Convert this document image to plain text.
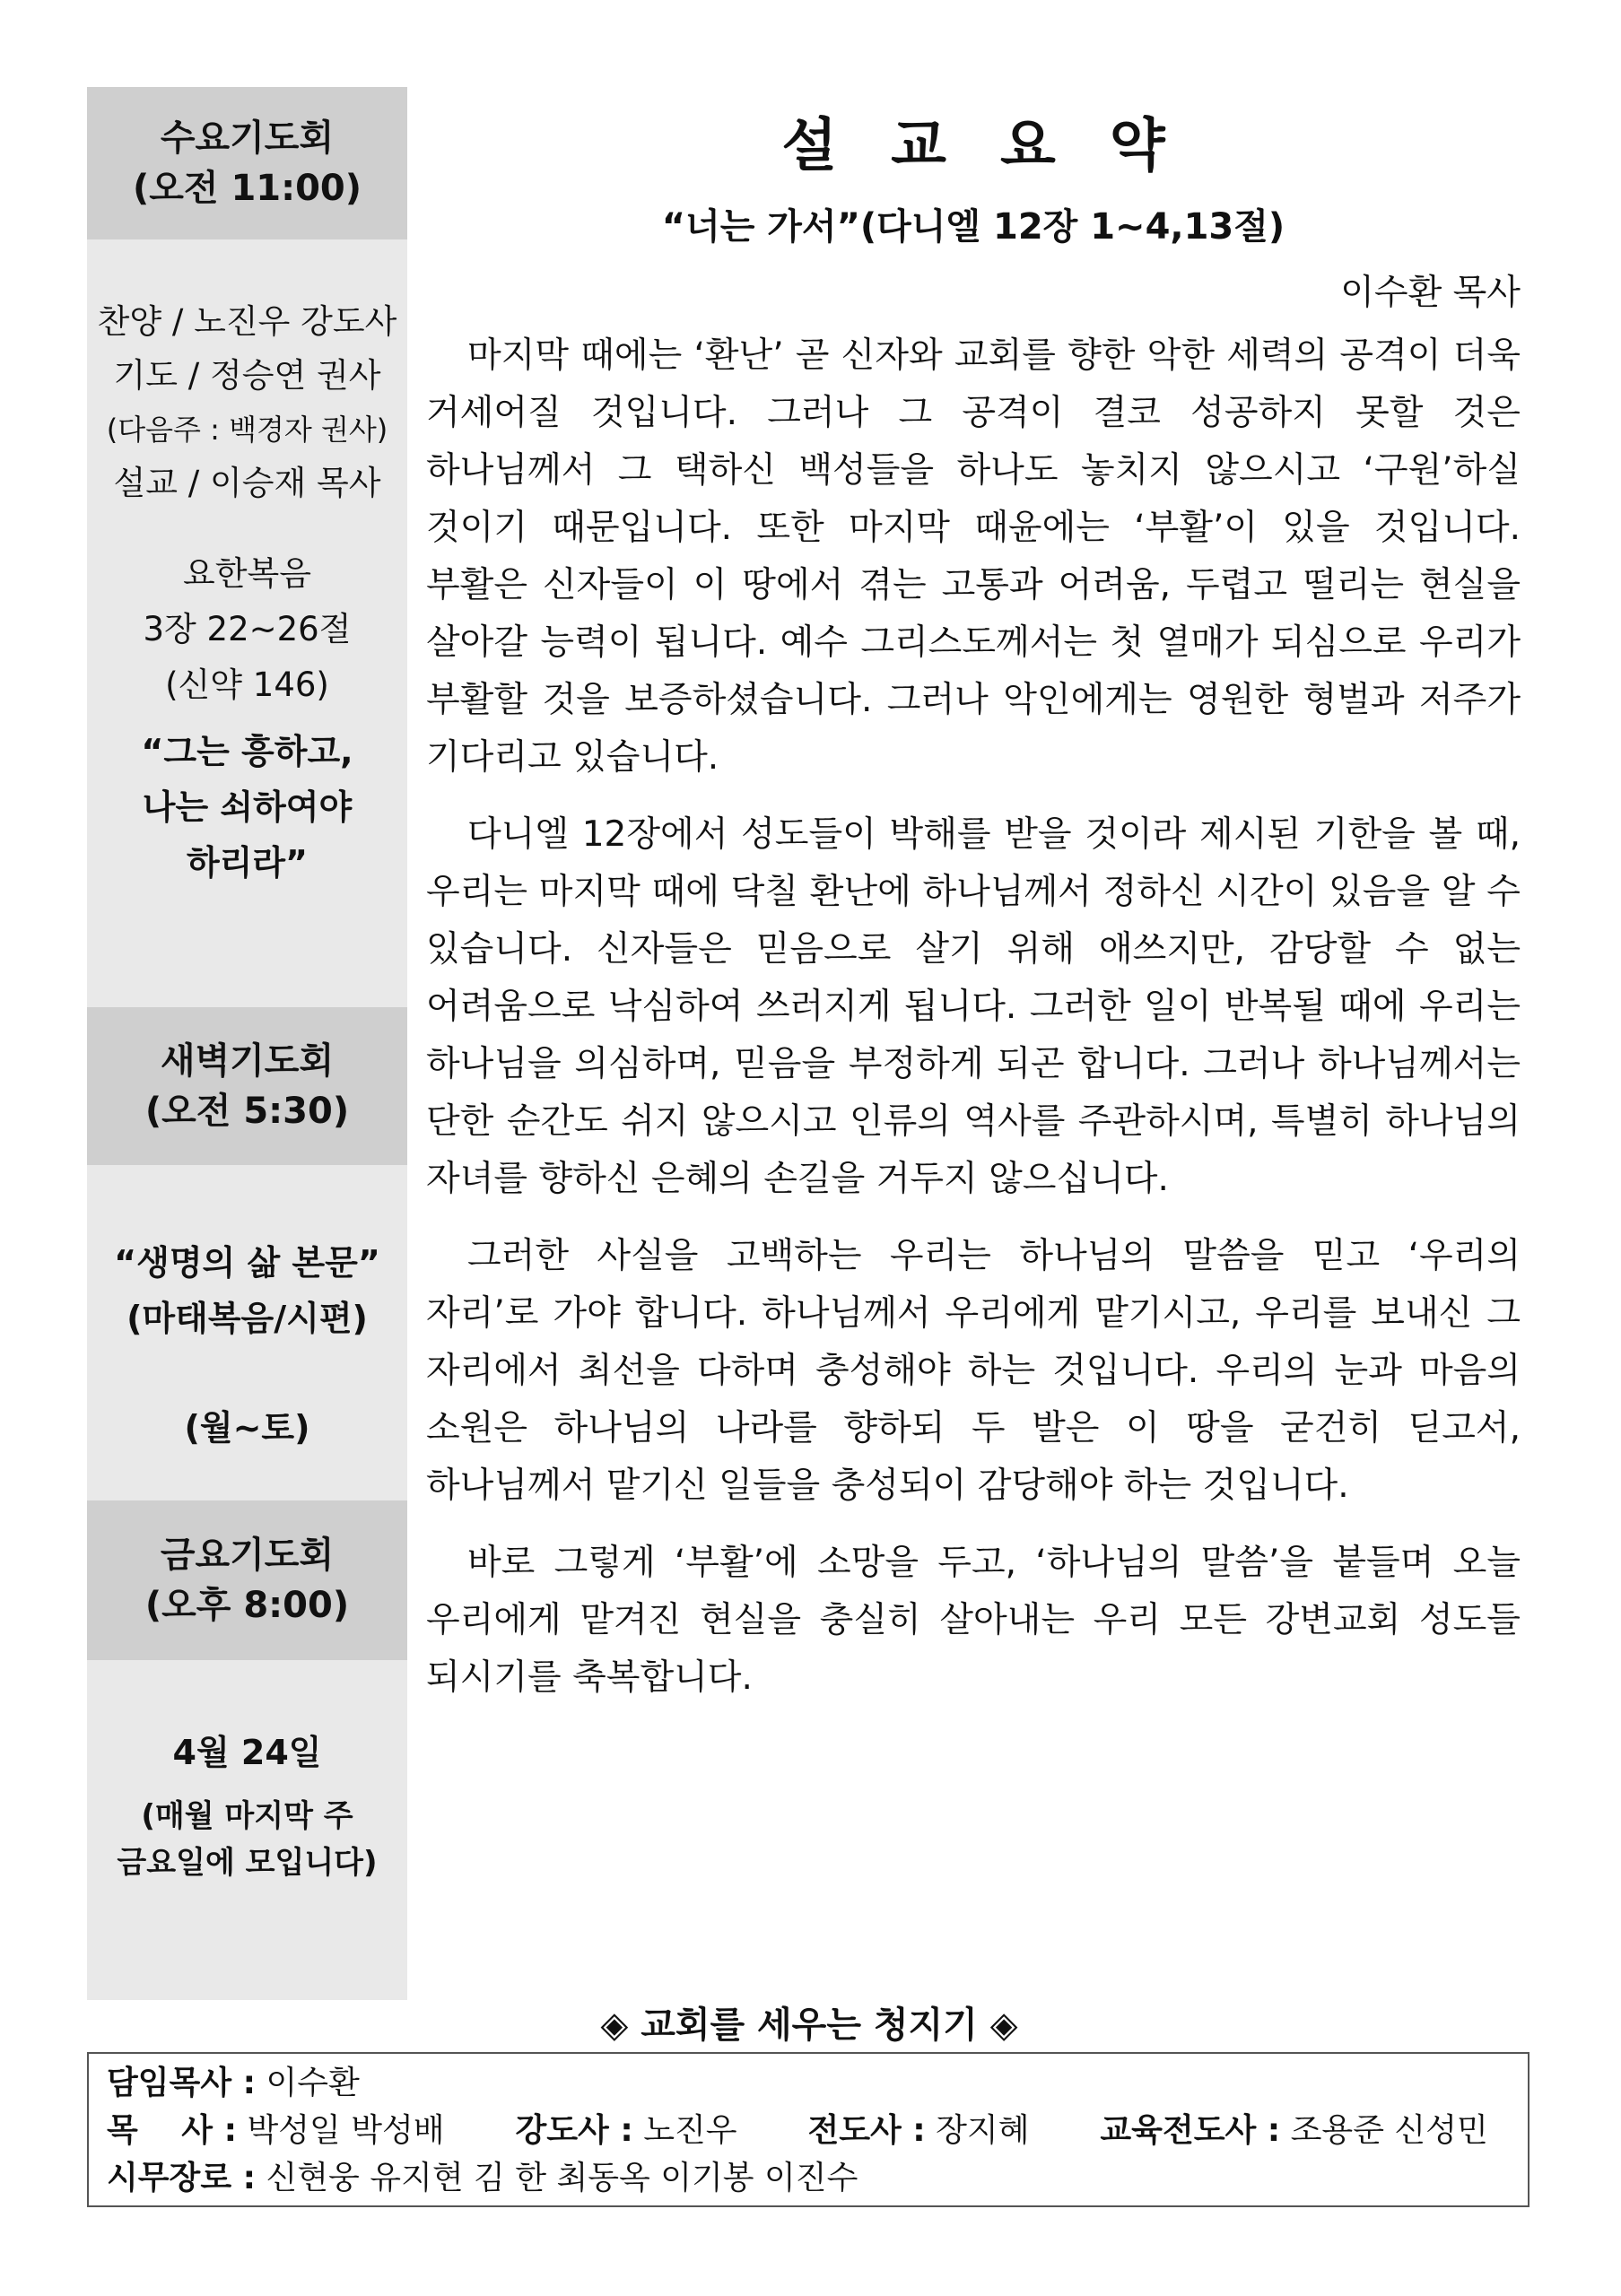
수요기도회
(오전 11:00)
찬양 / 노진우 강도사
기도 / 정승연 권사
(다음주 : 백경자 권사)
설교 / 이승재 목사
요한복음
3장 22~26절
(신약 146)
“그는 흥하고,
나는 쇠하여야
하리라”
새벽기도회
(오전 5:30)
“생명의 삶 본문”
(마태복음/시편)
(월~토)
금요기도회
(오후 8:00)
4월 24일
(매월 마지막 주
금요일에 모입니다)
설교요약
“너는 가서”(다니엘 12장 1~4,13절)
이수환 목사

마지막 때에는 ‘환난’ 곧 신자와 교회를 향한 악한 세력의 공격이 더욱 거세어질 것입니다. 그러나 그 공격이 결코 성공하지 못할 것은 하나님께서 그 택하신 백성들을 하나도 놓치지 않으시고 ‘구원’하실 것이기 때문입니다. 또한 마지막 때윤에는 ‘부활’이 있을 것입니다. 부활은 신자들이 이 땅에서 겪는 고통과 어려움, 두렵고 떨리는 현실을 살아갈 능력이 됩니다. 예수 그리스도께서는 첫 열매가 되심으로 우리가 부활할 것을 보증하셨습니다. 그러나 악인에게는 영원한 형벌과 저주가 기다리고 있습니다.

다니엘 12장에서 성도들이 박해를 받을 것이라 제시된 기한을 볼 때, 우리는 마지막 때에 닥칠 환난에 하나님께서 정하신 시간이 있음을 알 수 있습니다. 신자들은 믿음으로 살기 위해 애쓰지만, 감당할 수 없는 어려움으로 낙심하여 쓰러지게 됩니다. 그러한 일이 반복될 때에 우리는 하나님을 의심하며, 믿음을 부정하게 되곤 합니다. 그러나 하나님께서는 단한 순간도 쉬지 않으시고 인류의 역사를 주관하시며, 특별히 하나님의 자녀를 향하신 은혜의 손길을 거두지 않으십니다.

그러한 사실을 고백하는 우리는 하나님의 말씀을 믿고 ‘우리의 자리’로 가야 합니다. 하나님께서 우리에게 맡기시고, 우리를 보내신 그 자리에서 최선을 다하며 충성해야 하는 것입니다. 우리의 눈과 마음의 소원은 하나님의 나라를 향하되 두 발은 이 땅을 굳건히 딛고서, 하나님께서 맡기신 일들을 충성되이 감당해야 하는 것입니다.

바로 그렇게 ‘부활’에 소망을 두고, ‘하나님의 말씀’을 붙들며 오늘 우리에게 맡겨진 현실을 충실히 살아내는 우리 모든 강변교회 성도들 되시기를 축복합니다.

◈ 교회를 세우는 청지기 ◈
담임목사 : 이수환
목　 사 : 박성일 박성배 강도사 : 노진우 전도사 : 장지혜 교육전도사 : 조용준 신성민
시무장로 : 신현웅 유지현 김 한 최동옥 이기봉 이진수
